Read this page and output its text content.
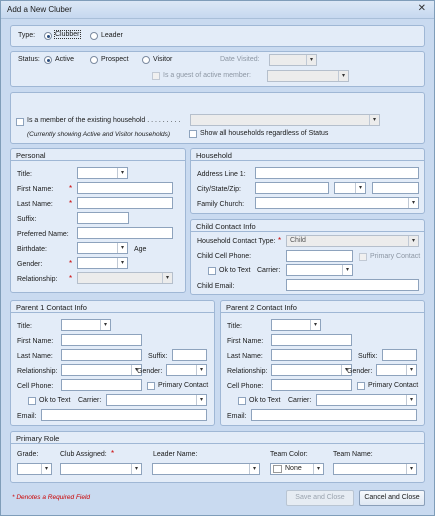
Add a New Cluber	✕
Type:	Clubber	Leader
Status: Active	Prospect	Visitor	Date Visited:	▾
Is a guest of active member:	▾
Is a member of the existing household . . . . . . . . .	▾
(Currently showing Active and Visitor households)	Show all households regardless of Status
Personal
Title:	▾
First Name: *
Last Name: *
Suffix:
Preferred Name:
Birthdate:	▾	Age
Gender:	*	▾
Relationship: *	▾
Household
Address Line 1:
City/State/Zip:	▾
Family Church:	▾
Child Contact Info
Household Contact Type: * Child	▾
Child Cell Phone:	Primary Contact
Ok to Text Carrier:	▾
Child Email:
Parent 1 Contact Info
Title:	▾
First Name:
Last Name:	Suffix:
Relationship:	▾ Gender:	▾
Cell Phone:	Primary Contact
Ok to Text Carrier:	▾
Email:
Parent 2 Contact Info
Title:	▾
First Name:
Last Name:	Suffix:
Relationship:	▾ Gender:	▾
Cell Phone:	Primary Contact
Ok to Text Carrier:	▾
Email:
Primary Role
Grade:
▾
Club Assigned: *
▾
Leader Name:
▾
Team Color:
None	▾
Team Name:
▾
* Denotes a Required Field	Save and Close	Cancel and Close
